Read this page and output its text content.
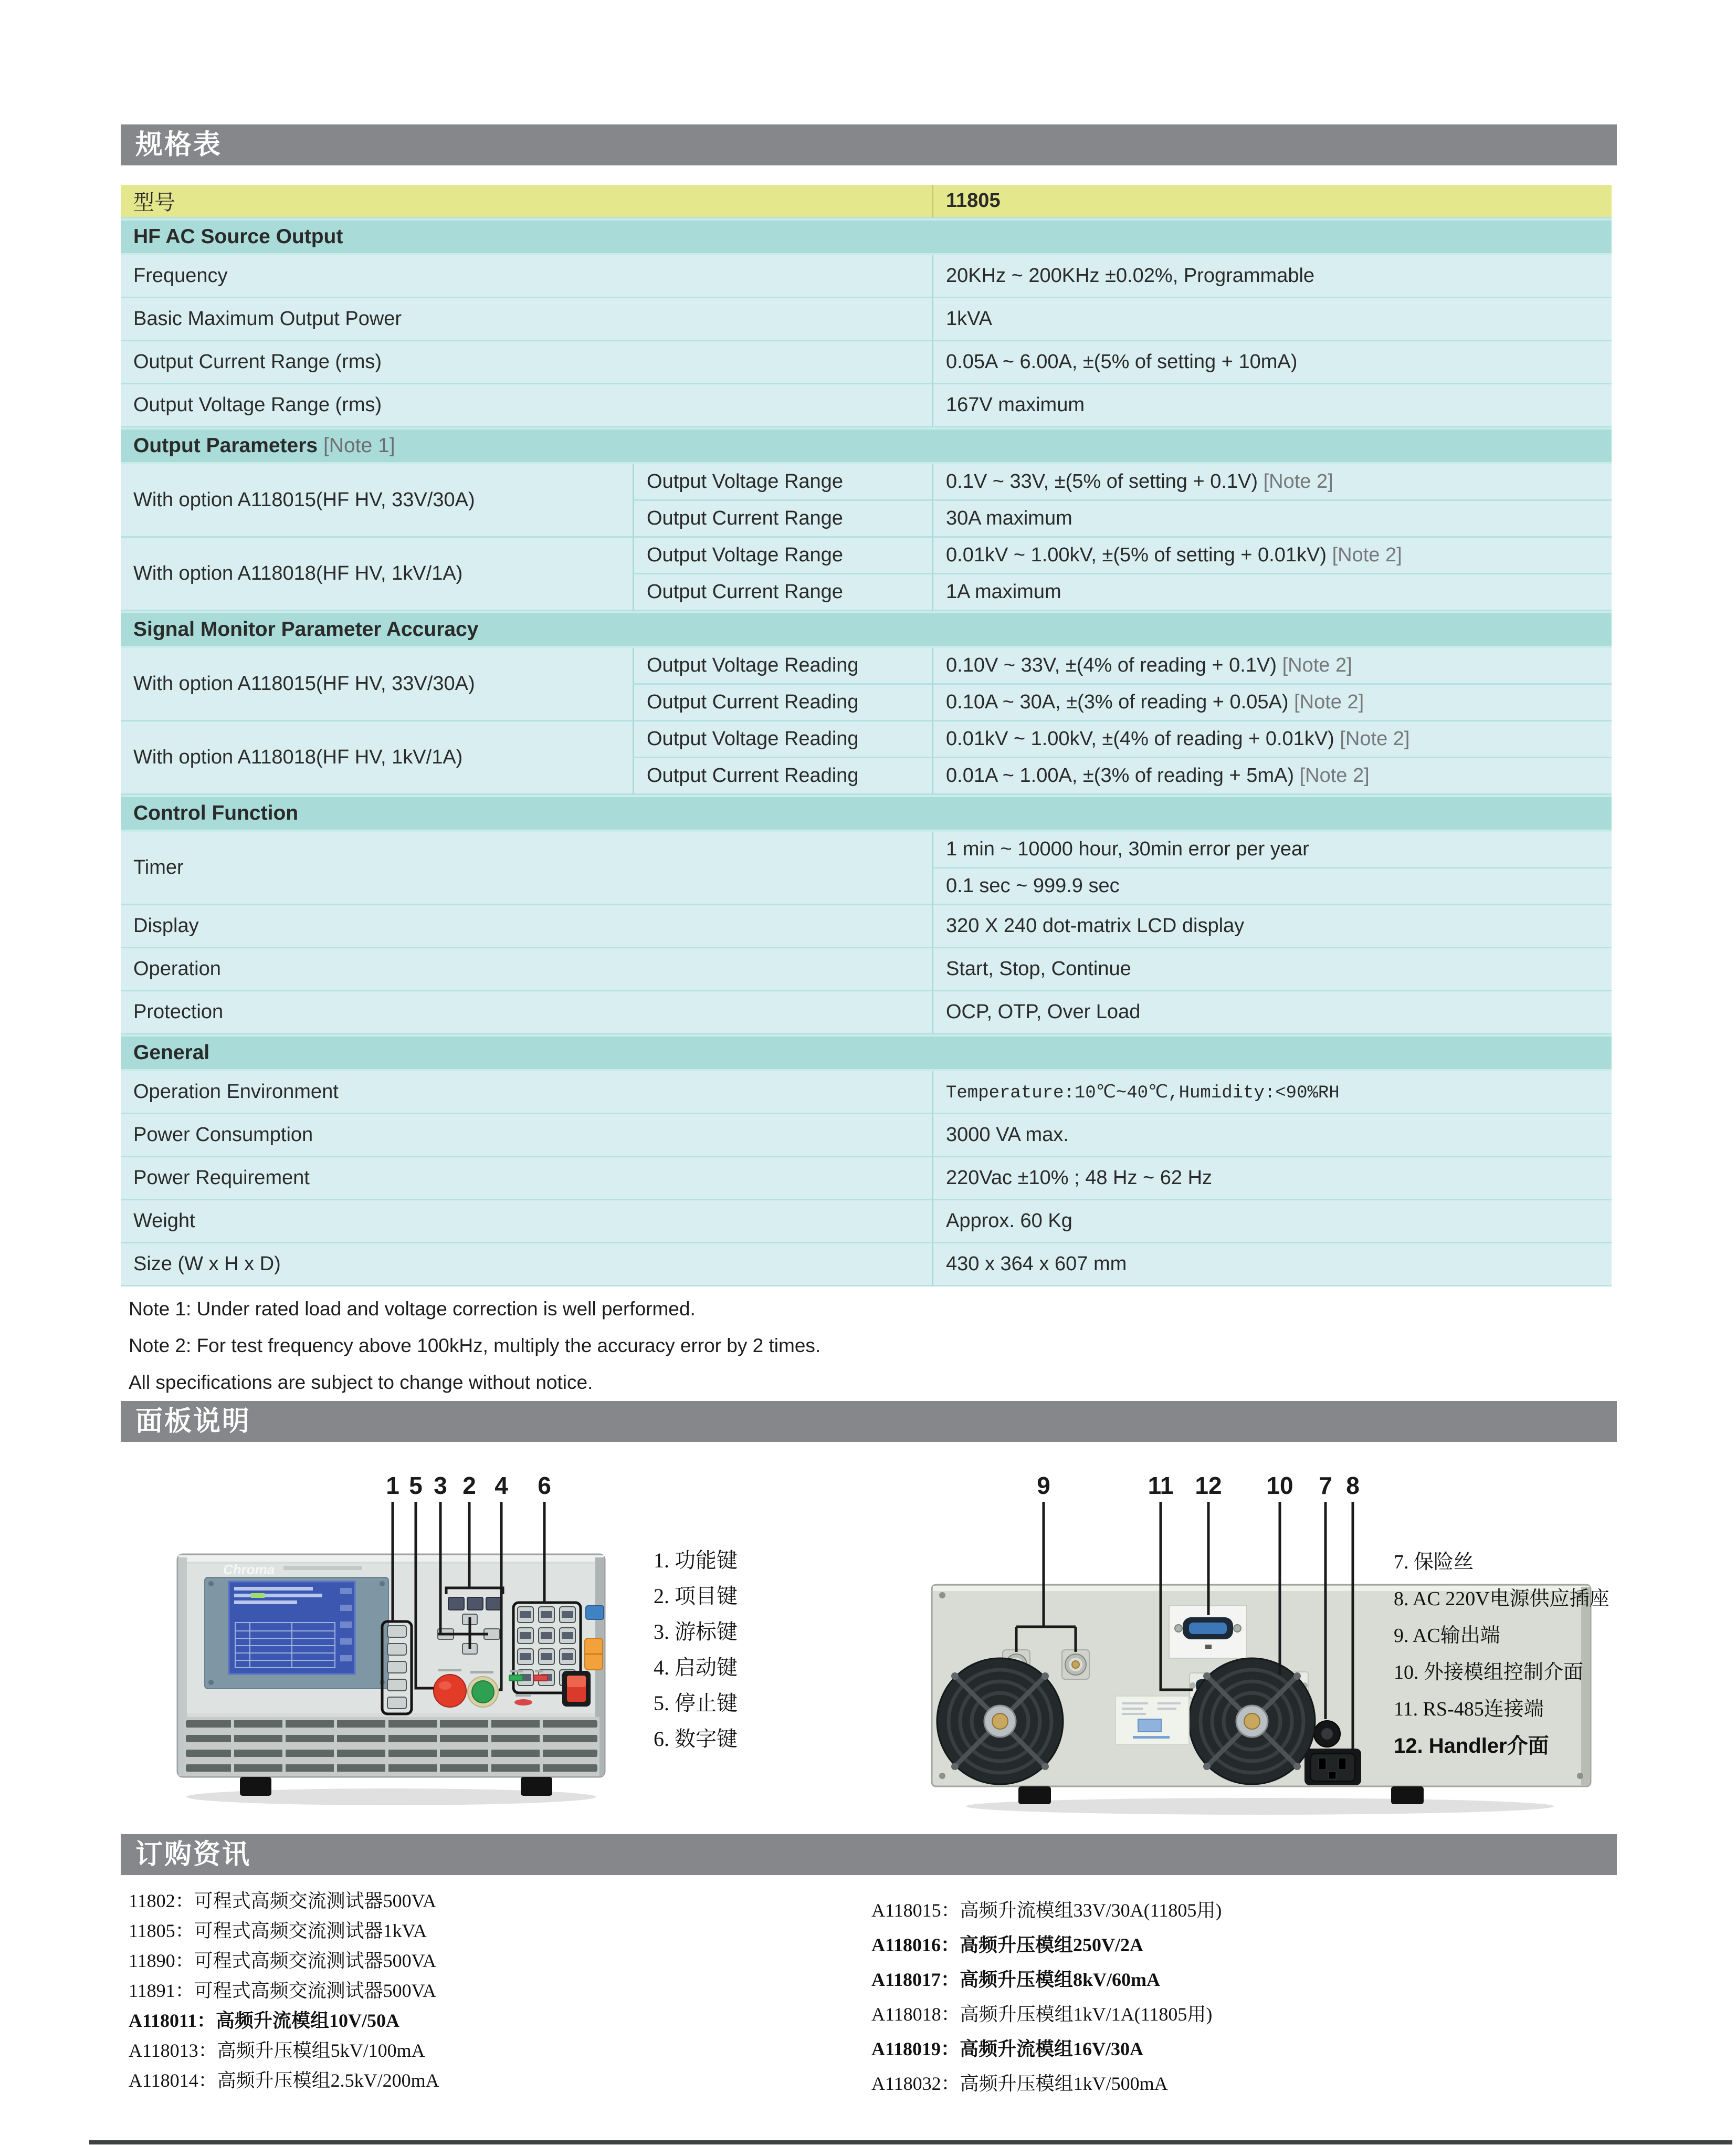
规格表
型号		11805
HF AC Source Output		
Frequency		20KHz ~ 200KHz ±0.02%, Programmable
Basic Maximum Output Power		1kVA
Output Current Range (rms)		0.05A ~ 6.00A, ±(5% of setting + 10mA)
Output Voltage Range (rms)		167V maximum
Output Parameters [Note 1]		
With option A118015(HF HV, 33V/30A)	Output Voltage Range	0.1V ~ 33V, ±(5% of setting + 0.1V) [Note 2]
	Output Current Range	30A maximum
With option A118018(HF HV, 1kV/1A)	Output Voltage Range	0.01kV ~ 1.00kV, ±(5% of setting + 0.01kV) [Note 2]
	Output Current Range	1A maximum
Signal Monitor Parameter Accuracy		
With option A118015(HF HV, 33V/30A)	Output Voltage Reading	0.10V ~ 33V, ±(4% of reading + 0.1V) [Note 2]
	Output Current Reading	0.10A ~ 30A, ±(3% of reading + 0.05A) [Note 2]
With option A118018(HF HV, 1kV/1A)	Output Voltage Reading	0.01kV ~ 1.00kV, ±(4% of reading + 0.01kV) [Note 2]
	Output Current Reading	0.01A ~ 1.00A, ±(3% of reading + 5mA) [Note 2]
Control Function		
Timer		1 min ~ 10000 hour, 30min error per year
		0.1 sec ~ 999.9 sec
Display		320 X 240 dot-matrix LCD display
Operation		Start, Stop, Continue
Protection		OCP, OTP, Over Load
General		
Operation Environment		Temperature:10℃~40℃,Humidity:<90%RH
Power Consumption		3000 VA max.
Power Requirement		220Vac ±10% ; 48 Hz ~ 62 Hz
Weight		Approx. 60 Kg
Size (W x H x D)		430 x 364 x 607 mm
Note 1: Under rated load and voltage correction is well performed.
Note 2: For test frequency above 100kHz, multiply the accuracy error by 2 times.
All specifications are subject to change without notice.
面板说明
1 5 3 2 4 6
Chroma	1. 功能键
2. 项目键
3. 游标键
4. 启动键
5. 停止键
6. 数字键
9	11 12 10 7 8
7. 保险丝
8. AC 220V电源供应插座
9. AC输出端
10. 外接模组控制介面
11. RS-485连接端
12. Handler介面
订购资讯
11802：可程式高频交流测试器500VA
11805：可程式高频交流测试器1kVA
11890：可程式高频交流测试器500VA
11891：可程式高频交流测试器500VA
A118011：高频升流模组10V/50A
A118013：高频升压模组5kV/100mA
A118014：高频升压模组2.5kV/200mA
A118015：高频升流模组33V/30A(11805用)
A118016：高频升压模组250V/2A
A118017：高频升压模组8kV/60mA
A118018：高频升压模组1kV/1A(11805用)
A118019：高频升流模组16V/30A
A118032：高频升压模组1kV/500mA
